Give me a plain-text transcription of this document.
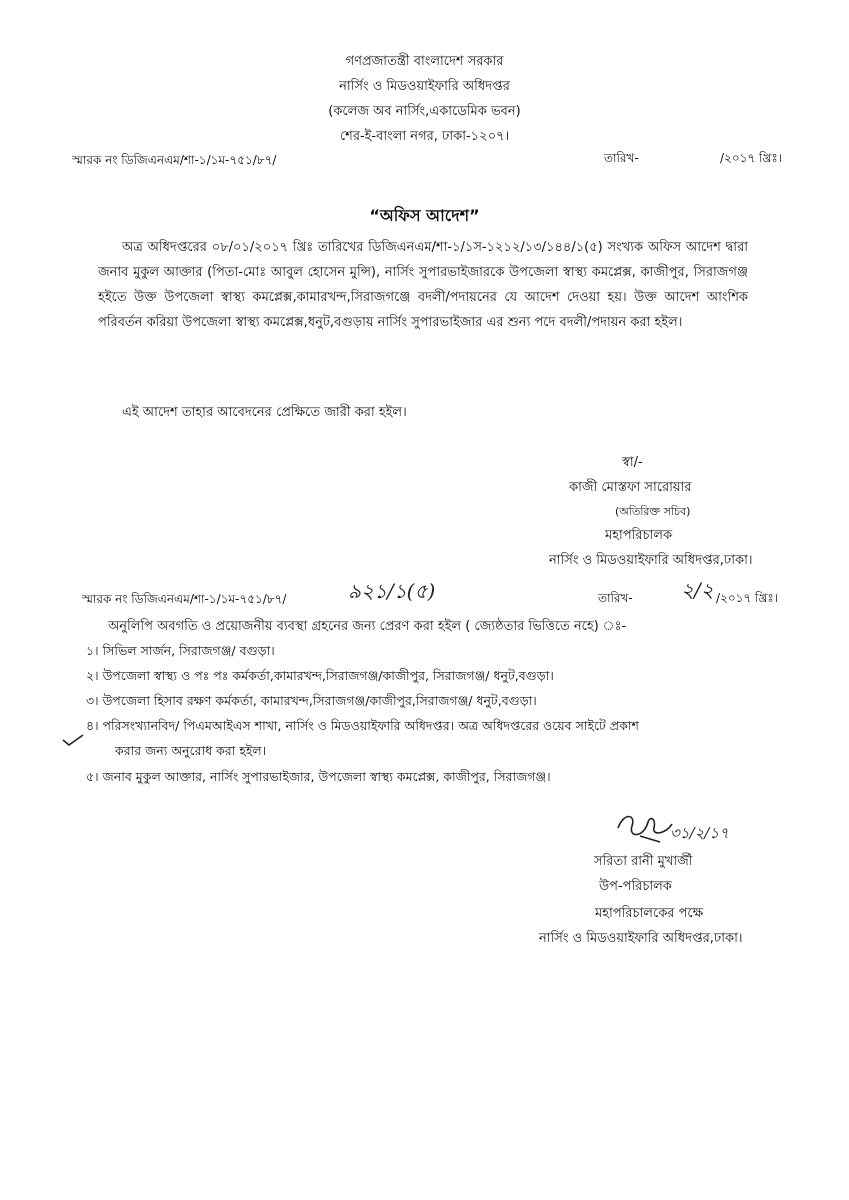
গণপ্রজাতন্ত্রী বাংলাদেশ সরকার
নার্সিং ও মিডওয়াইফারি অধিদপ্তর
(কলেজ অব নার্সিং,একাডেমিক ভবন)
শের-ই-বাংলা নগর, ঢাকা-১২০৭।
স্মারক নং ডিজিএনএম/শা-১/১ম-৭৫১/৮৭/	তারিখ-	/২০১৭ খ্রিঃ।
“অফিস আদেশ”
অত্র অধিদপ্তরের ০৮/০১/২০১৭ খ্রিঃ তারিখের ডিজিএনএম/শা-১/১স-১২১২/১৩/১৪৪/১(৫) সংখ্যক অফিস আদেশ দ্বারা জনাব মুকুল আক্তার (পিতা-মোঃ আবুল হোসেন মুন্সি), নার্সিং সুপারভাইজারকে উপজেলা স্বাস্থ্য কমপ্লেক্স, কাজীপুর, সিরাজগঞ্জ হইতে উক্ত উপজেলা স্বাস্থ্য কমপ্লেক্স,কামারখন্দ,সিরাজগঞ্জে বদলী/পদায়নের যে আদেশ দেওয়া হয়। উক্ত আদেশ আংশিক পরিবর্তন করিয়া উপজেলা স্বাস্থ্য কমপ্লেক্স,ধনুট,বগুড়ায় নার্সিং সুপারভাইজার এর শুন্য পদে বদলী/পদায়ন করা হইল।
এই আদেশ তাহার আবেদনের প্রেক্ষিতে জারী করা হইল।
স্বা/-
কাজী মোস্তফা সারোয়ার
(অতিরিক্ত সচিব)
মহাপরিচালক
নার্সিং ও মিডওয়াইফারি অধিদপ্তর,ঢাকা।
স্মারক নং ডিজিএনএম/শা-১/১ম-৭৫১/৮৭/	৯২১/১(৫)	তারিখ- ২/২ /২০১৭ খ্রিঃ।
অনুলিপি অবগতি ও প্রয়োজনীয় ব্যবস্থা গ্রহনের জন্য প্রেরণ করা হইল ( জ্যেষ্ঠতার ভিত্তিতে নহে) ঃ-
১। সিভিল সার্জন, সিরাজগঞ্জ/ বগুড়া।
২। উপজেলা স্বাস্থ্য ও পঃ পঃ কর্মকর্তা,কামারখন্দ,সিরাজগঞ্জ/কাজীপুর, সিরাজগঞ্জ/ ধনুট,বগুড়া।
৩। উপজেলা হিসাব রক্ষণ কর্মকর্তা, কামারখন্দ,সিরাজগঞ্জ/কাজীপুর,সিরাজগঞ্জ/ ধনুট,বগুড়া।
৪। পরিসংখ্যানবিদ/ পিএমআইএস শাখা, নার্সিং ও মিডওয়াইফারি অধিদপ্তর। অত্র অধিদপ্তরের ওয়েব সাইটে প্রকাশ
করার জন্য অনুরোধ করা হইল।
৫। জনাব মুকুল আক্তার, নার্সিং সুপারভাইজার, উপজেলা স্বাস্থ্য কমপ্লেক্স, কাজীপুর, সিরাজগঞ্জ।
৩১/২/১৭
সরিতা রানী মুখার্জী
উপ-পরিচালক
মহাপরিচালকের পক্ষে
নার্সিং ও মিডওয়াইফারি অধিদপ্তর,ঢাকা।
